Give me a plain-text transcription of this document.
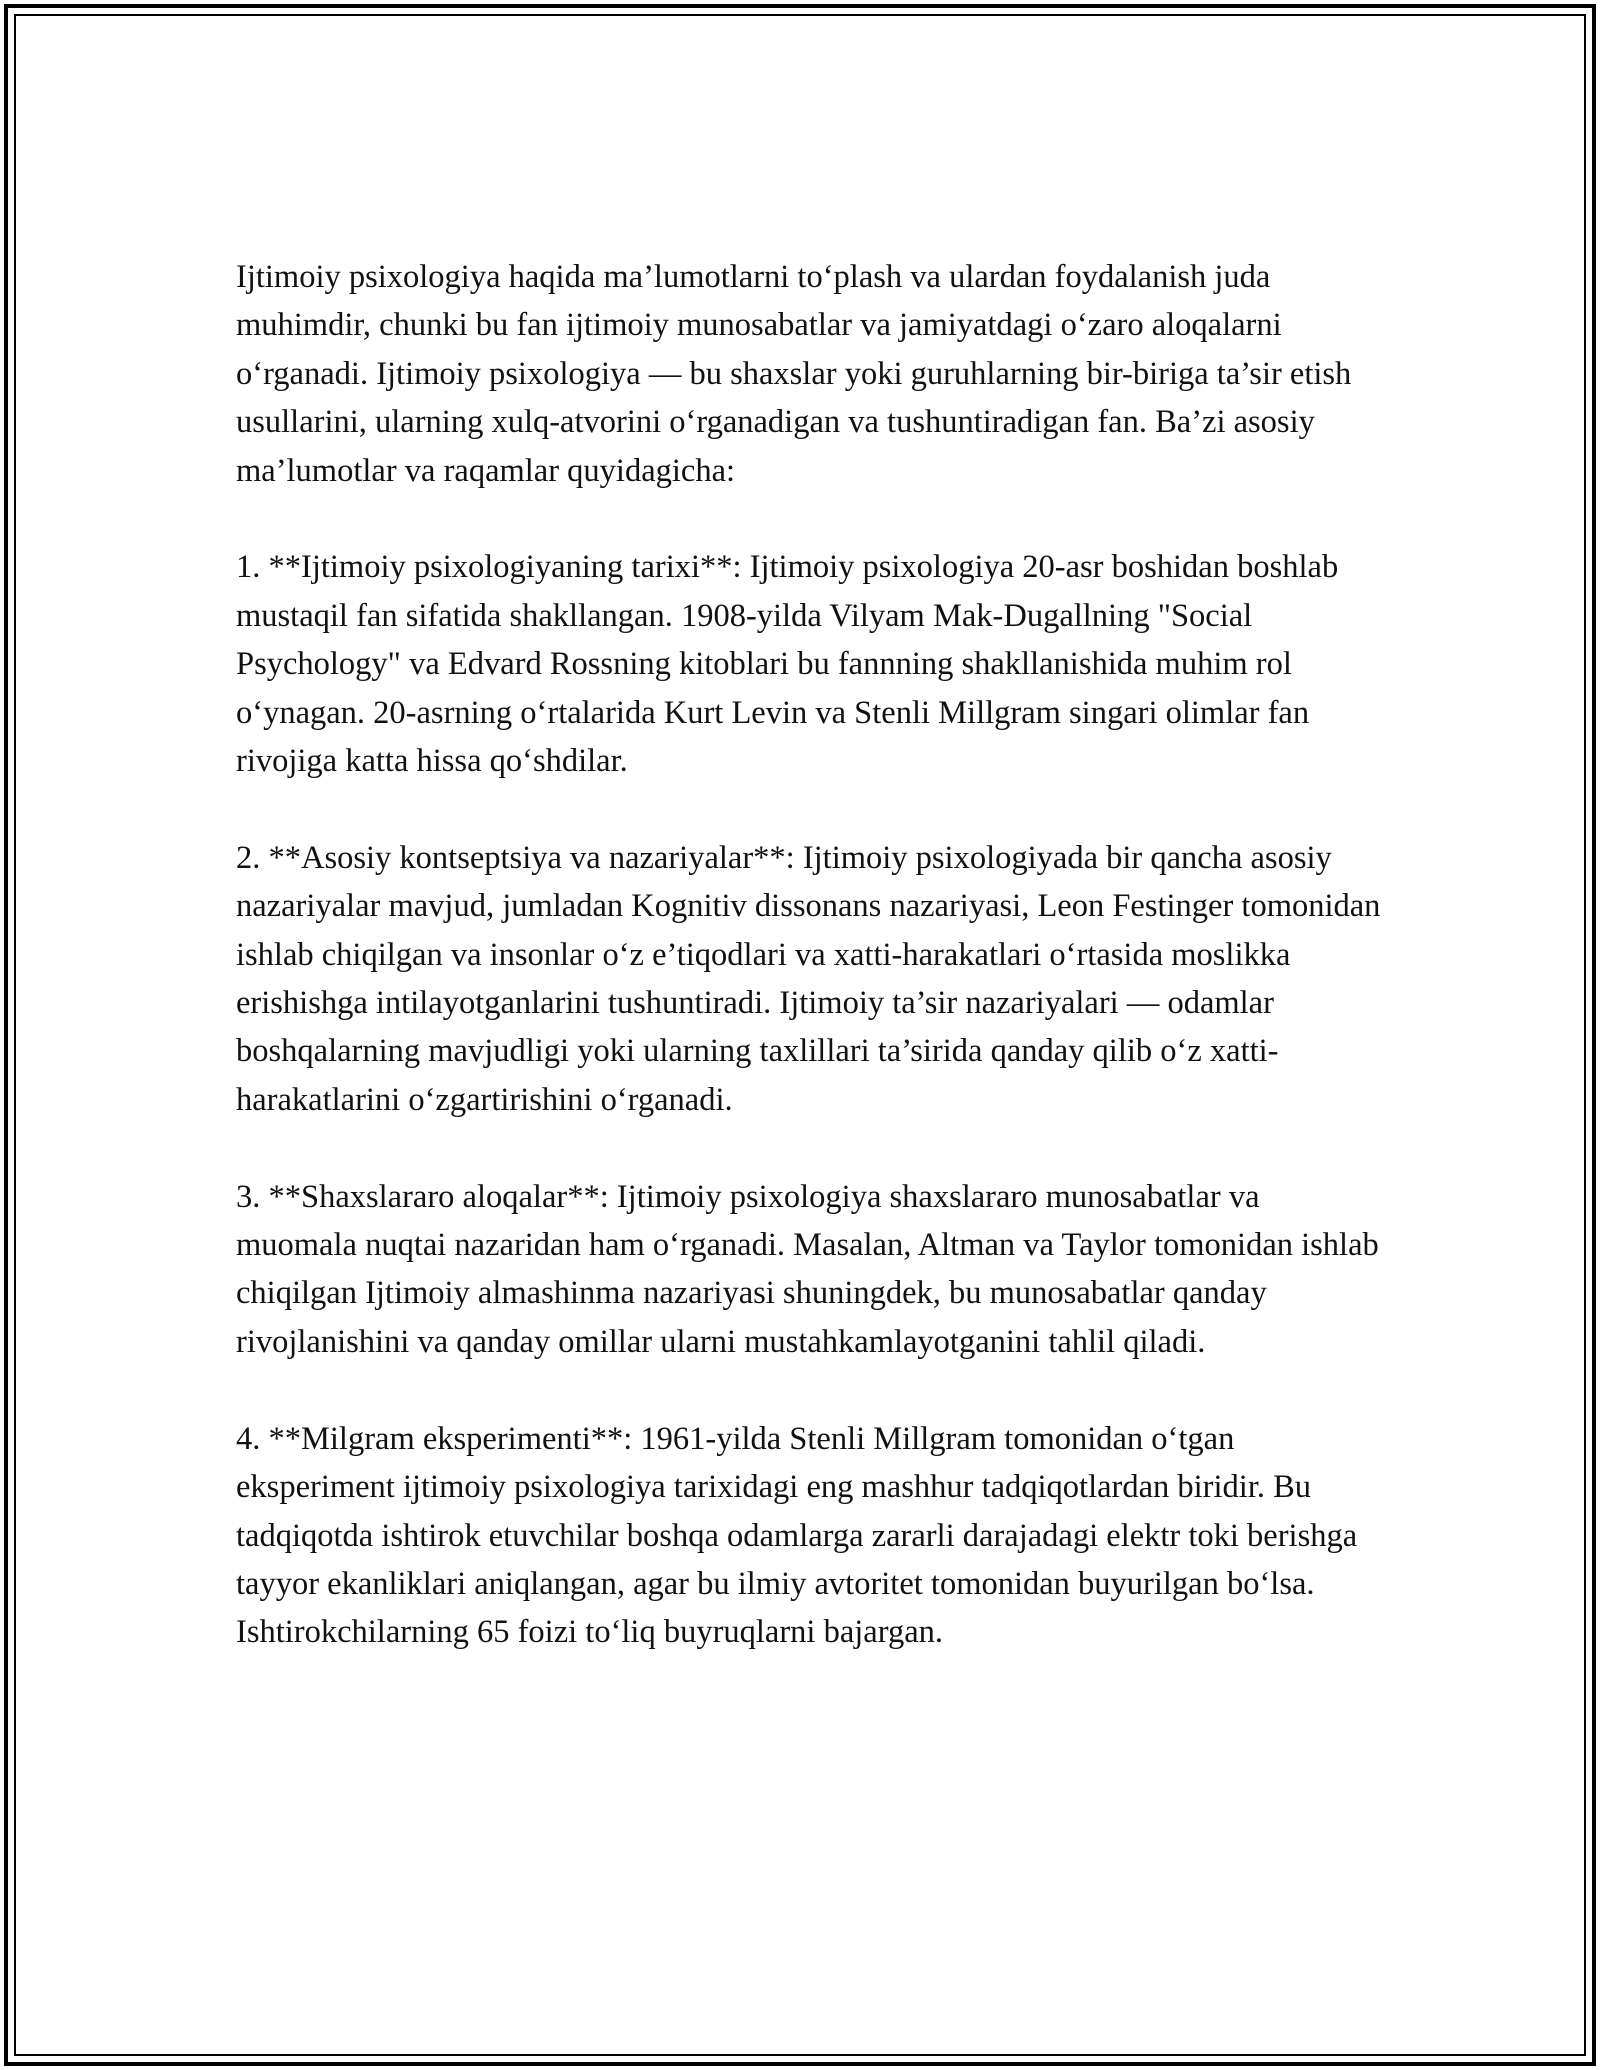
Ijtimoiy psixologiya haqida ma’lumotlarni to‘plash va ulardan foydalanish juda muhimdir, chunki bu fan ijtimoiy munosabatlar va jamiyatdagi o‘zaro aloqalarni o‘rganadi. Ijtimoiy psixologiya — bu shaxslar yoki guruhlarning bir-biriga ta’sir etish usullarini, ularning xulq-atvorini o‘rganadigan va tushuntiradigan fan. Ba’zi asosiy ma’lumotlar va raqamlar quyidagicha:

1. **Ijtimoiy psixologiyaning tarixi**: Ijtimoiy psixologiya 20-asr boshidan boshlab mustaqil fan sifatida shakllangan. 1908-yilda Vilyam Mak-Dugallning "Social Psychology" va Edvard Rossning kitoblari bu fannning shakllanishida muhim rol o‘ynagan. 20-asrning o‘rtalarida Kurt Levin va Stenli Millgram singari olimlar fan rivojiga katta hissa qo‘shdilar.

2. **Asosiy kontseptsiya va nazariyalar**: Ijtimoiy psixologiyada bir qancha asosiy nazariyalar mavjud, jumladan Kognitiv dissonans nazariyasi, Leon Festinger tomonidan ishlab chiqilgan va insonlar o‘z e’tiqodlari va xatti-harakatlari o‘rtasida moslikka erishishga intilayotganlarini tushuntiradi. Ijtimoiy ta’sir nazariyalari — odamlar boshqalarning mavjudligi yoki ularning taxlillari ta’sirida qanday qilib o‘z xatti-harakatlarini o‘zgartirishini o‘rganadi.

3. **Shaxslararo aloqalar**: Ijtimoiy psixologiya shaxslararo munosabatlar va muomala nuqtai nazaridan ham o‘rganadi. Masalan, Altman va Taylor tomonidan ishlab chiqilgan Ijtimoiy almashinma nazariyasi shuningdek, bu munosabatlar qanday rivojlanishini va qanday omillar ularni mustahkamlayotganini tahlil qiladi.

4. **Milgram eksperimenti**: 1961-yilda Stenli Millgram tomonidan o‘tgan eksperiment ijtimoiy psixologiya tarixidagi eng mashhur tadqiqotlardan biridir. Bu tadqiqotda ishtirok etuvchilar boshqa odamlarga zararli darajadagi elektr toki berishga tayyor ekanliklari aniqlangan, agar bu ilmiy avtoritet tomonidan buyurilgan bo‘lsa. Ishtirokchilarning 65 foizi to‘liq buyruqlarni bajargan.
